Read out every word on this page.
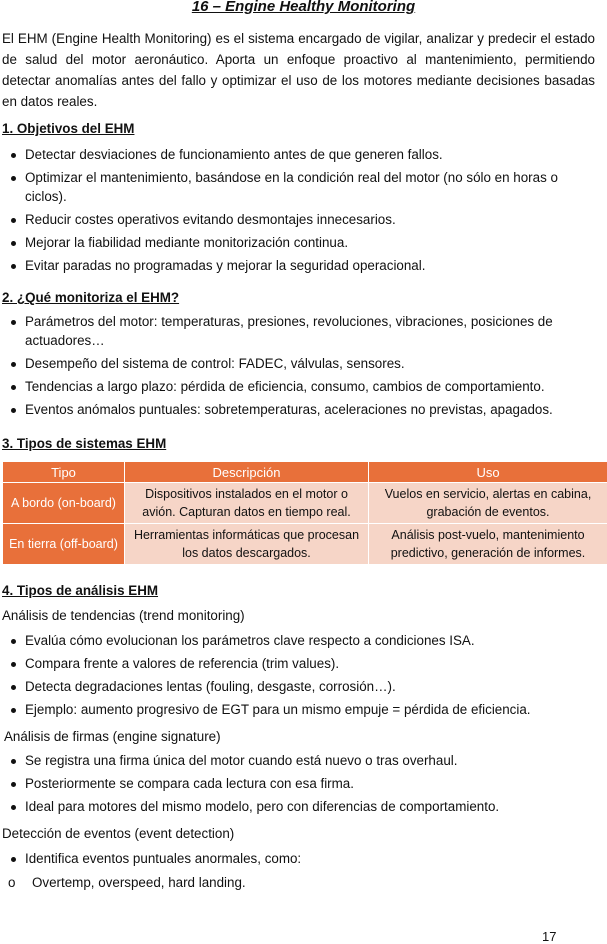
16 – Engine Healthy Monitoring
El EHM (Engine Health Monitoring) es el sistema encargado de vigilar, analizar y predecir el estado de salud del motor aeronáutico. Aporta un enfoque proactivo al mantenimiento, permitiendo detectar anomalías antes del fallo y optimizar el uso de los motores mediante decisiones basadas en datos reales.
1. Objetivos del EHM
Detectar desviaciones de funcionamiento antes de que generen fallos.
Optimizar el mantenimiento, basándose en la condición real del motor (no sólo en horas o ciclos).
Reducir costes operativos evitando desmontajes innecesarios.
Mejorar la fiabilidad mediante monitorización continua.
Evitar paradas no programadas y mejorar la seguridad operacional.
2. ¿Qué monitoriza el EHM?
Parámetros del motor: temperaturas, presiones, revoluciones, vibraciones, posiciones de actuadores…
Desempeño del sistema de control: FADEC, válvulas, sensores.
Tendencias a largo plazo: pérdida de eficiencia, consumo, cambios de comportamiento.
Eventos anómalos puntuales: sobretemperaturas, aceleraciones no previstas, apagados.
3. Tipos de sistemas EHM
Tipo	Descripción	Uso
A bordo (on-board)	Dispositivos instalados en el motor o avión. Capturan datos en tiempo real.	Vuelos en servicio, alertas en cabina, grabación de eventos.
En tierra (off-board)	Herramientas informáticas que procesan los datos descargados.	Análisis post-vuelo, mantenimiento predictivo, generación de informes.
4. Tipos de análisis EHM
Análisis de tendencias (trend monitoring)
Evalúa cómo evolucionan los parámetros clave respecto a condiciones ISA.
Compara frente a valores de referencia (trim values).
Detecta degradaciones lentas (fouling, desgaste, corrosión…).
Ejemplo: aumento progresivo de EGT para un mismo empuje = pérdida de eficiencia.
Análisis de firmas (engine signature)
Se registra una firma única del motor cuando está nuevo o tras overhaul.
Posteriormente se compara cada lectura con esa firma.
Ideal para motores del mismo modelo, pero con diferencias de comportamiento.
Detección de eventos (event detection)
Identifica eventos puntuales anormales, como:
o Overtemp, overspeed, hard landing.
17
